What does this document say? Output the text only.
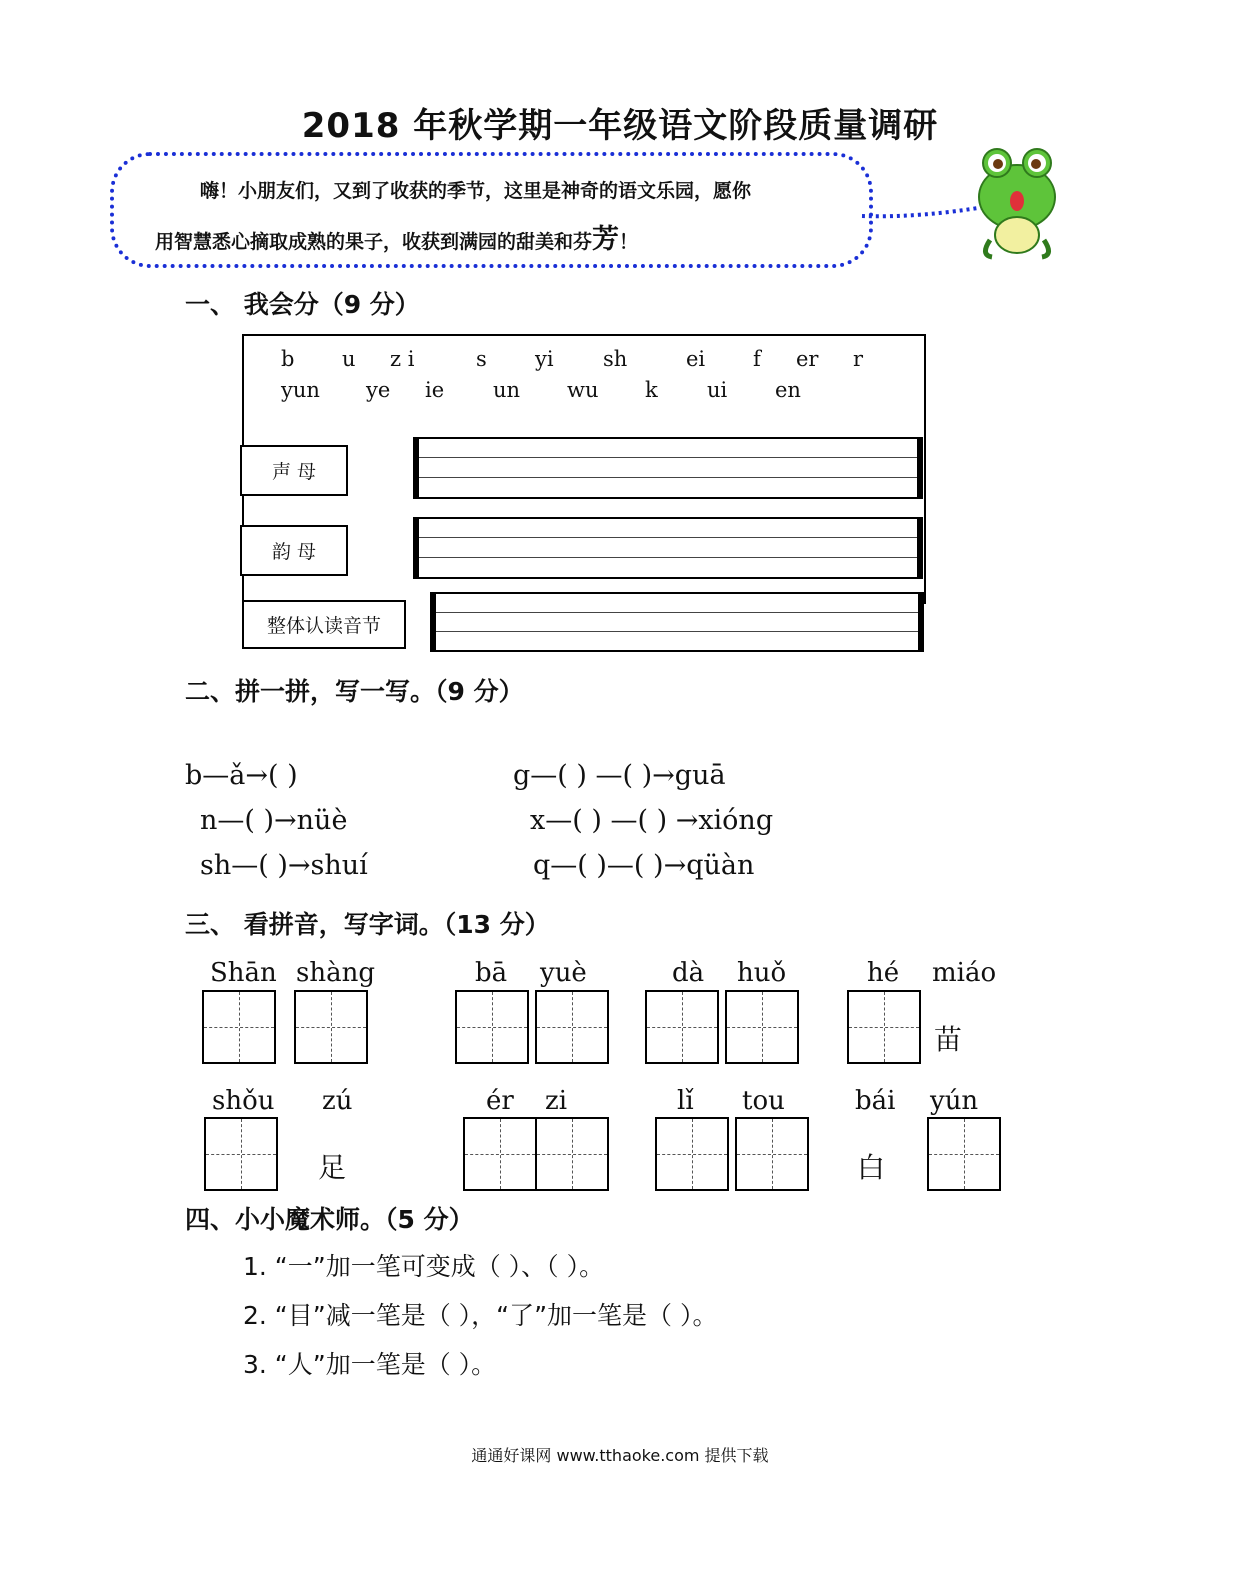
2018 年秋学期一年级语文阶段质量调研
嗨！小朋友们，又到了收获的季节，这里是神奇的语文乐园，愿你
用智慧悉心摘取成熟的果子，收获到满园的甜美和芬芳！
一、 我会分（9 分）
b u z i	s yi sh	ei f er r
yun ye ie un wu k ui en
声 母
韵 母
整体认读音节
二、拼一拼，写一写。（9 分）
b—ǎ→( )	g—( ) —( )→guā
n—( )→nüè	x—( ) —( ) →xióng
sh—( )→shuí	q—( )—( )→qüàn
三、 看拼音，写字词。（13 分）
Shān shàng	bā yuè	dà huǒ	hé miáo
苗
shǒu zú	ér zi	lǐ tou	bái yún
足	白
四、小小魔术师。（5 分）
1. “一”加一笔可变成（ ）、（ ）。
2. “目”减一笔是（ ），“了”加一笔是（ ）。
3. “人”加一笔是（ ）。
通通好课网 www.tthaoke.com 提供下载
